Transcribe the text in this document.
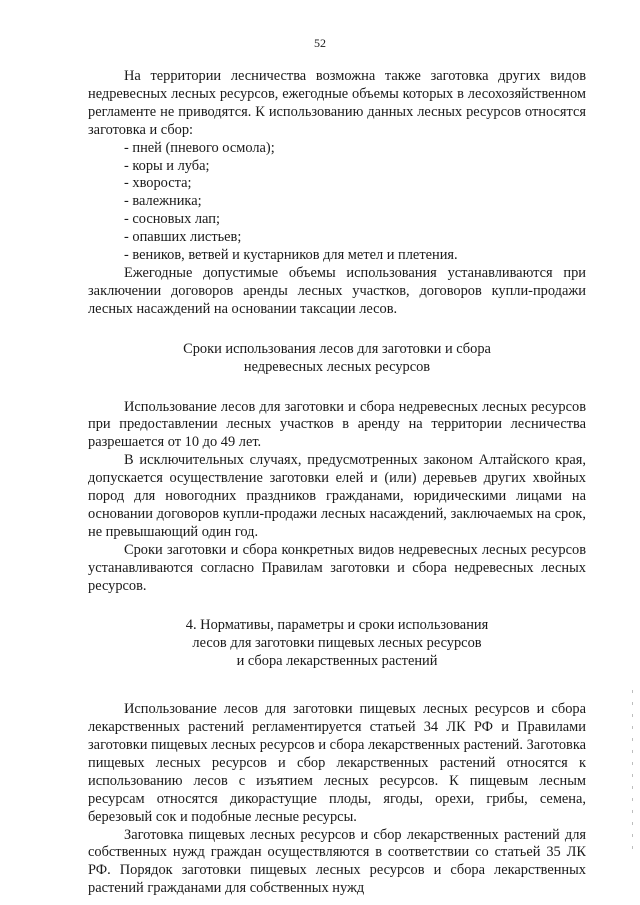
52

На территории лесничества возможна также заготовка других видов недревесных лесных ресурсов, ежегодные объемы которых в лесохозяйственном регламенте не приводятся. К использованию данных лесных ресурсов относятся заготовка и сбор:

- пней (пневого осмола);
- коры и луба;
- хвороста;
- валежника;
- сосновых лап;
- опавших листьев;
- веников, ветвей и кустарников для метел и плетения.

Ежегодные допустимые объемы использования устанавливаются при заключении договоров аренды лесных участков, договоров купли-продажи лесных насаждений на основании таксации лесов.

Сроки использования лесов для заготовки и сбора
недревесных лесных ресурсов

Использование лесов для заготовки и сбора недревесных лесных ресурсов при предоставлении лесных участков в аренду на территории лесничества разрешается от 10 до 49 лет.

В исключительных случаях, предусмотренных законом Алтайского края, допускается осуществление заготовки елей и (или) деревьев других хвойных пород для новогодних праздников гражданами, юридическими лицами на основании договоров купли-продажи лесных насаждений, заключаемых на срок, не превышающий один год.

Сроки заготовки и сбора конкретных видов недревесных лесных ресурсов устанавливаются согласно Правилам заготовки и сбора недревесных лесных ресурсов.

4. Нормативы, параметры и сроки использования
лесов для заготовки пищевых лесных ресурсов
и сбора лекарственных растений

Использование лесов для заготовки пищевых лесных ресурсов и сбора лекарственных растений регламентируется статьей 34 ЛК РФ и Правилами заготовки пищевых лесных ресурсов и сбора лекарственных растений. Заготовка пищевых лесных ресурсов и сбор лекарственных растений относятся к использованию лесов с изъятием лесных ресурсов. К пищевым лесным ресурсам относятся дикорастущие плоды, ягоды, орехи, грибы, семена, березовый сок и подобные лесные ресурсы.

Заготовка пищевых лесных ресурсов и сбор лекарственных растений для собственных нужд граждан осуществляются в соответствии со статьей 35 ЛК РФ. Порядок заготовки пищевых лесных ресурсов и сбора лекарственных растений гражданами для собственных нужд
